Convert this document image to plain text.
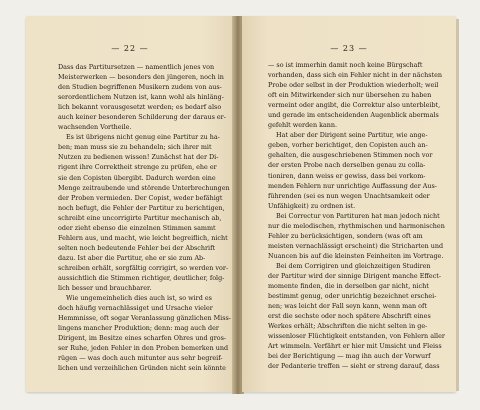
— 22 —
Dass das Partitursetzen — namentlich jenes von
Meisterwerken — besonders den jüngeren, noch in
den Studien begriffenen Musikern zudem von aus-
serordentlichem Nutzen ist, kann wohl als hinläng-
lich bekannt vorausgesetzt werden; es bedarf also
auch keiner besonderen Schilderung der daraus er-
wachsenden Vortheile.
Es ist übrigens nicht genug eine Partitur zu ha-
ben; man muss sie zu behandeln; sich ihrer mit
Nutzen zu bedienen wissen! Zunächst hat der Di-
rigent ihre Correktheit strenge zu prüfen, ehe er
sie den Copisten übergibt. Dadurch werden eine
Menge zeitraubende und störende Unterbrechungen
der Proben vermieden. Der Copist, weder befähigt
noch befugt, die Fehler der Partitur zu berichtigen,
schreibt eine uncorrigirte Partitur mechanisch ab,
oder zieht ebenso die einzelnen Stimmen sammt
Fehlern aus, und macht, wie leicht begreiflich, nicht
selten noch bedeutende Fehler bei der Abschrift
dazu. Ist aber die Partitur, ehe er sie zum Ab-
schreiben erhält, sorgfältig corrigirt, so werden vor-
aussichtlich die Stimmen richtiger, deutlicher, folg-
lich besser und brauchbarer.
Wie ungemeinhelich dies auch ist, so wird es
doch häufig vernachlässiget und Ursache vieler
Hemmnisse, oft sogar Veranlassung gänzlichen Miss-
lingens mancher Produktion; denn: mag auch der
Dirigent, im Besitze eines scharfen Ohres und gros-
ser Ruhe, jeden Fehler in den Proben bemerken und
rügen — was doch auch mitunter aus sehr begreif-
lichen und verzeihlichen Gründen nicht sein könnte
— 23 —
— so ist immerhin damit noch keine Bürgschaft
vorhanden, dass sich ein Fehler nicht in der nächsten
Probe oder selbst in der Produktion wiederholt; weil
oft ein Mitwirkender sich nur übersehen zu haben
vermeint oder angibt, die Correktur also unterbleibt,
und gerade im entscheidenden Augenblick abermals
gefehlt werden kann.
Hat aber der Dirigent seine Partitur, wie ange-
geben, vorher berichtiget, den Copisten auch an-
gehalten, die ausgeschriebenen Stimmen noch vor
der ersten Probe nach derselben genau zu colla-
tioniren, dann weiss er gewiss, dass bei vorkom-
menden Fehlern nur unrichtige Auffassung der Aus-
führenden (sei es nun wegen Unachtsamkeit oder
Unfähigkeit) zu ordnen ist.
Bei Correctur von Partituren hat man jedoch nicht
nur die melodischen, rhythmischen und harmonischen
Fehler zu berücksichtigen, sondern (was oft am
meisten vernachlässigt erscheint) die Stricharten und
Nuancen bis auf die kleinsten Feinheiten im Vortrage.
Bei dem Corrigiren und gleichzeitigen Studiren
der Partitur wird der sinnige Dirigent manche Effect-
momente finden, die in derselben gar nicht, nicht
bestimmt genug, oder unrichtig bezeichnet erschei-
nen; was leicht der Fall seyn kann, wenn man oft
erst die sechste oder noch spätere Abschrift eines
Werkes erhält; Abschriften die nicht selten in ge-
wissenloser Flüchtigkeit entstanden, von Fehlern aller
Art wimmeln. Verfährt er hier mit Umsicht und Fleiss
bei der Berichtigung — mag ihn auch der Vorwurf
der Pedanterie treffen — sieht er streng darauf, dass
